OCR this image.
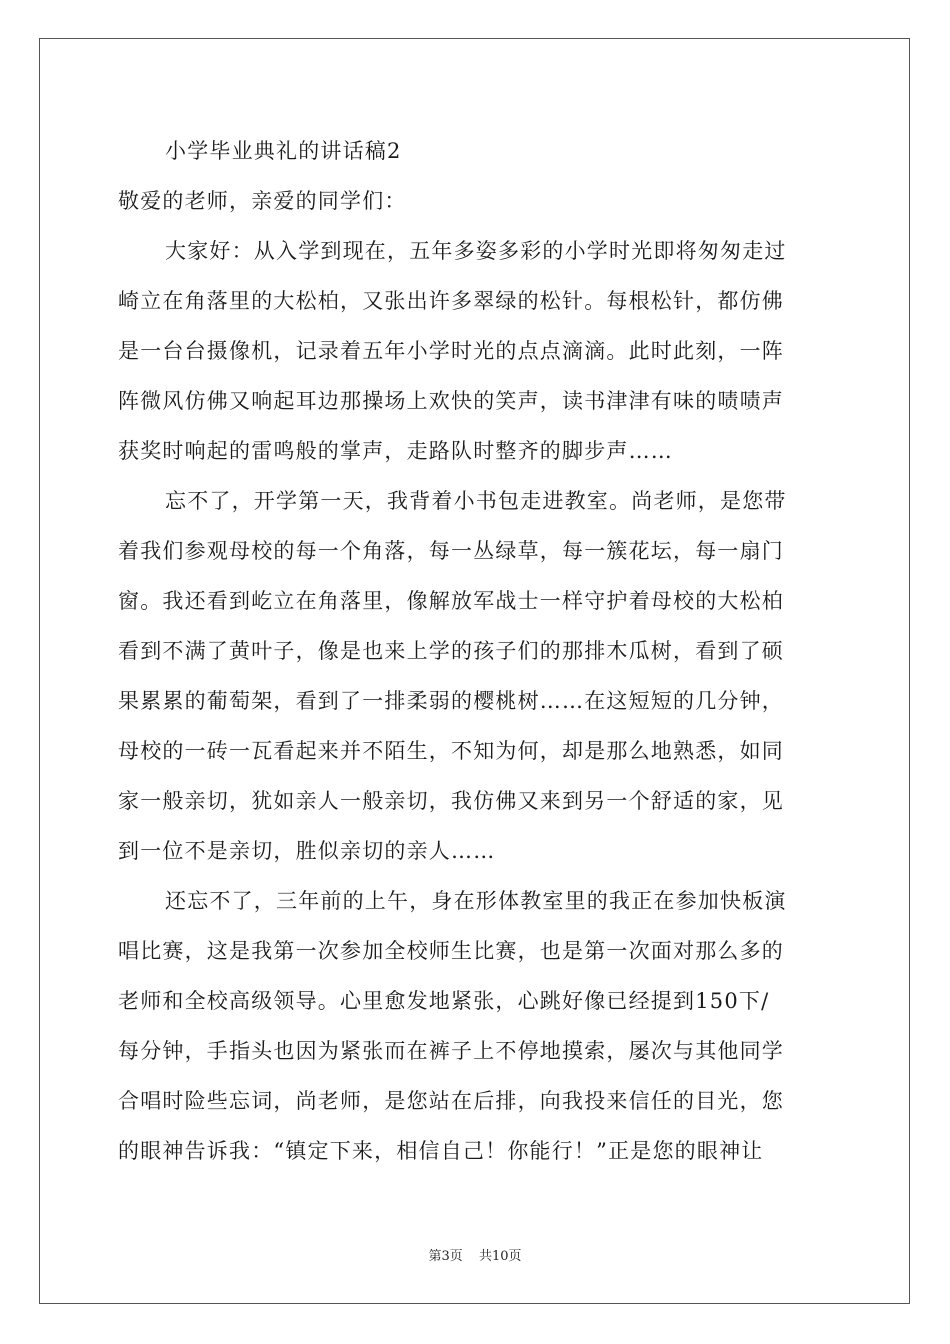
小学毕业典礼的讲话稿2
敬爱的老师，亲爱的同学们：
大家好：从入学到现在，五年多姿多彩的小学时光即将匆匆走过
崎立在角落里的大松柏，又张出许多翠绿的松针。每根松针，都仿佛
是一台台摄像机，记录着五年小学时光的点点滴滴。此时此刻，一阵
阵微风仿佛又响起耳边那操场上欢快的笑声，读书津津有味的啧啧声
获奖时响起的雷鸣般的掌声，走路队时整齐的脚步声……
忘不了，开学第一天，我背着小书包走进教室。尚老师，是您带
着我们参观母校的每一个角落，每一丛绿草，每一簇花坛，每一扇门
窗。我还看到屹立在角落里，像解放军战士一样守护着母校的大松柏
看到不满了黄叶子，像是也来上学的孩子们的那排木瓜树，看到了硕
果累累的葡萄架，看到了一排柔弱的樱桃树……在这短短的几分钟，
母校的一砖一瓦看起来并不陌生，不知为何，却是那么地熟悉，如同
家一般亲切，犹如亲人一般亲切，我仿佛又来到另一个舒适的家，见
到一位不是亲切，胜似亲切的亲人……
还忘不了，三年前的上午，身在形体教室里的我正在参加快板演
唱比赛，这是我第一次参加全校师生比赛，也是第一次面对那么多的
老师和全校高级领导。心里愈发地紧张，心跳好像已经提到150下/
每分钟，手指头也因为紧张而在裤子上不停地摸索，屡次与其他同学
合唱时险些忘词，尚老师，是您站在后排，向我投来信任的目光，您
的眼神告诉我：“镇定下来，相信自己！你能行！”正是您的眼神让
第3页 共10页
